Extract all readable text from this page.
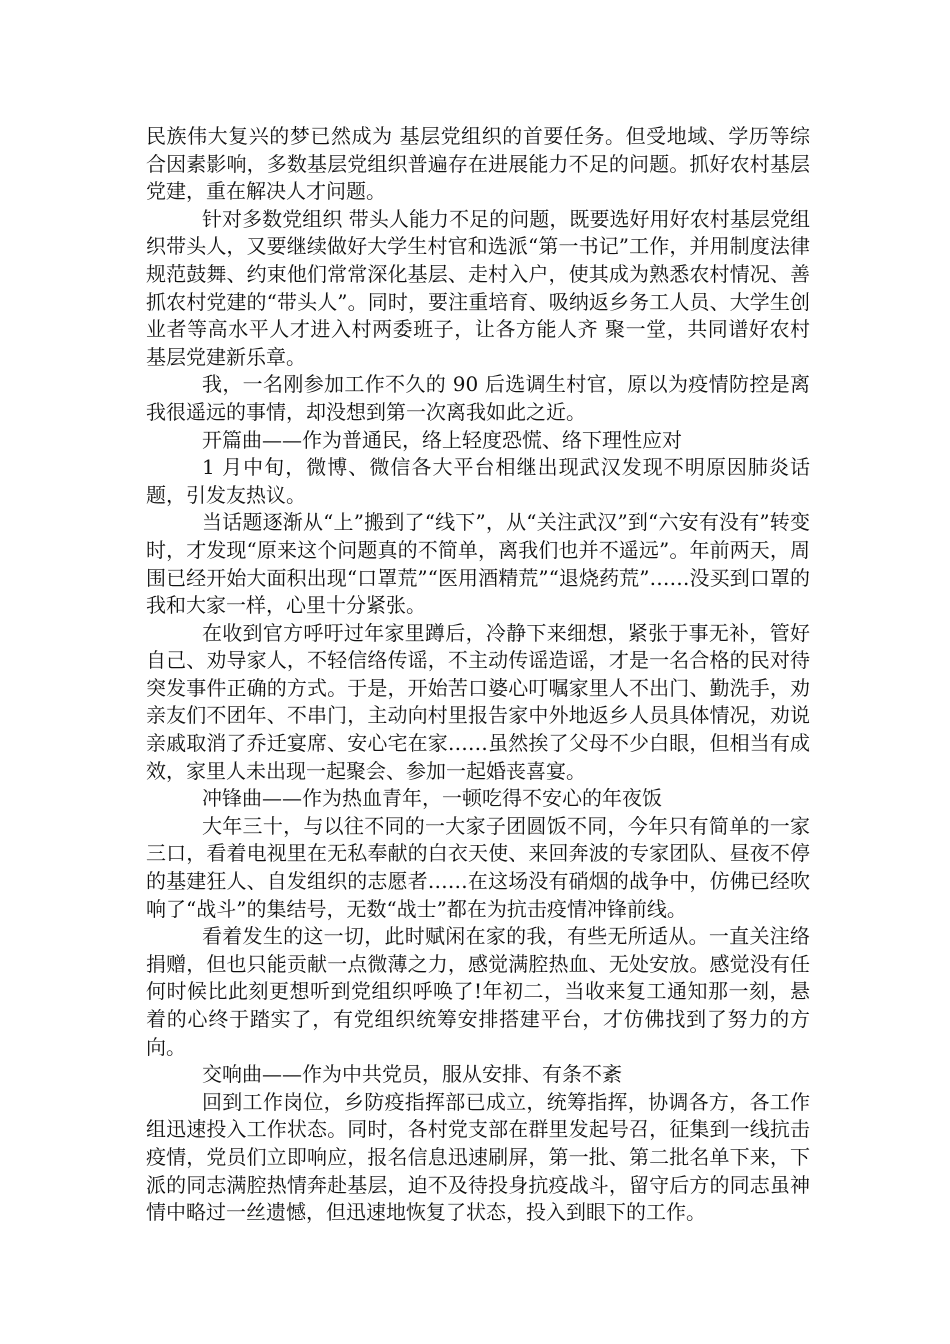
民族伟大复兴的梦已然成为 基层党组织的首要任务。但受地域、学历等综合因素影响，多数基层党组织普遍存在进展能力不足的问题。抓好农村基层党建，重在解决人才问题。

针对多数党组织 带头人能力不足的问题，既要选好用好农村基层党组织带头人，又要继续做好大学生村官和选派“第一书记”工作，并用制度法律规范鼓舞、约束他们常常深化基层、走村入户，使其成为熟悉农村情况、善抓农村党建的“带头人”。同时，要注重培育、吸纳返乡务工人员、大学生创业者等高水平人才进入村两委班子，让各方能人齐 聚一堂，共同谱好农村基层党建新乐章。

我，一名刚参加工作不久的 90 后选调生村官，原以为疫情防控是离我很遥远的事情，却没想到第一次离我如此之近。

开篇曲——作为普通民，络上轻度恐慌、络下理性应对

1 月中旬，微博、微信各大平台相继出现武汉发现不明原因肺炎话题，引发友热议。

当话题逐渐从“上”搬到了“线下”，从“关注武汉”到“六安有没有”转变时，才发现“原来这个问题真的不简单，离我们也并不遥远”。年前两天，周围已经开始大面积出现“口罩荒”“医用酒精荒”“退烧药荒”……没买到口罩的我和大家一样，心里十分紧张。

在收到官方呼吁过年家里蹲后，冷静下来细想，紧张于事无补，管好自己、劝导家人，不轻信络传谣，不主动传谣造谣，才是一名合格的民对待突发事件正确的方式。于是，开始苦口婆心叮嘱家里人不出门、勤洗手，劝亲友们不团年、不串门，主动向村里报告家中外地返乡人员具体情况，劝说亲戚取消了乔迁宴席、安心宅在家……虽然挨了父母不少白眼，但相当有成效，家里人未出现一起聚会、参加一起婚丧喜宴。

冲锋曲——作为热血青年，一顿吃得不安心的年夜饭

大年三十，与以往不同的一大家子团圆饭不同，今年只有简单的一家三口，看着电视里在无私奉献的白衣天使、来回奔波的专家团队、昼夜不停的基建狂人、自发组织的志愿者……在这场没有硝烟的战争中，仿佛已经吹响了“战斗”的集结号，无数“战士”都在为抗击疫情冲锋前线。

看着发生的这一切，此时赋闲在家的我，有些无所适从。一直关注络捐赠，但也只能贡献一点微薄之力，感觉满腔热血、无处安放。感觉没有任何时候比此刻更想听到党组织呼唤了!年初二，当收来复工通知那一刻，悬着的心终于踏实了，有党组织统筹安排搭建平台，才仿佛找到了努力的方向。

交响曲——作为中共党员，服从安排、有条不紊

回到工作岗位，乡防疫指挥部已成立，统筹指挥，协调各方，各工作组迅速投入工作状态。同时，各村党支部在群里发起号召，征集到一线抗击疫情，党员们立即响应，报名信息迅速刷屏，第一批、第二批名单下来，下派的同志满腔热情奔赴基层，迫不及待投身抗疫战斗，留守后方的同志虽神情中略过一丝遗憾，但迅速地恢复了状态，投入到眼下的工作。
